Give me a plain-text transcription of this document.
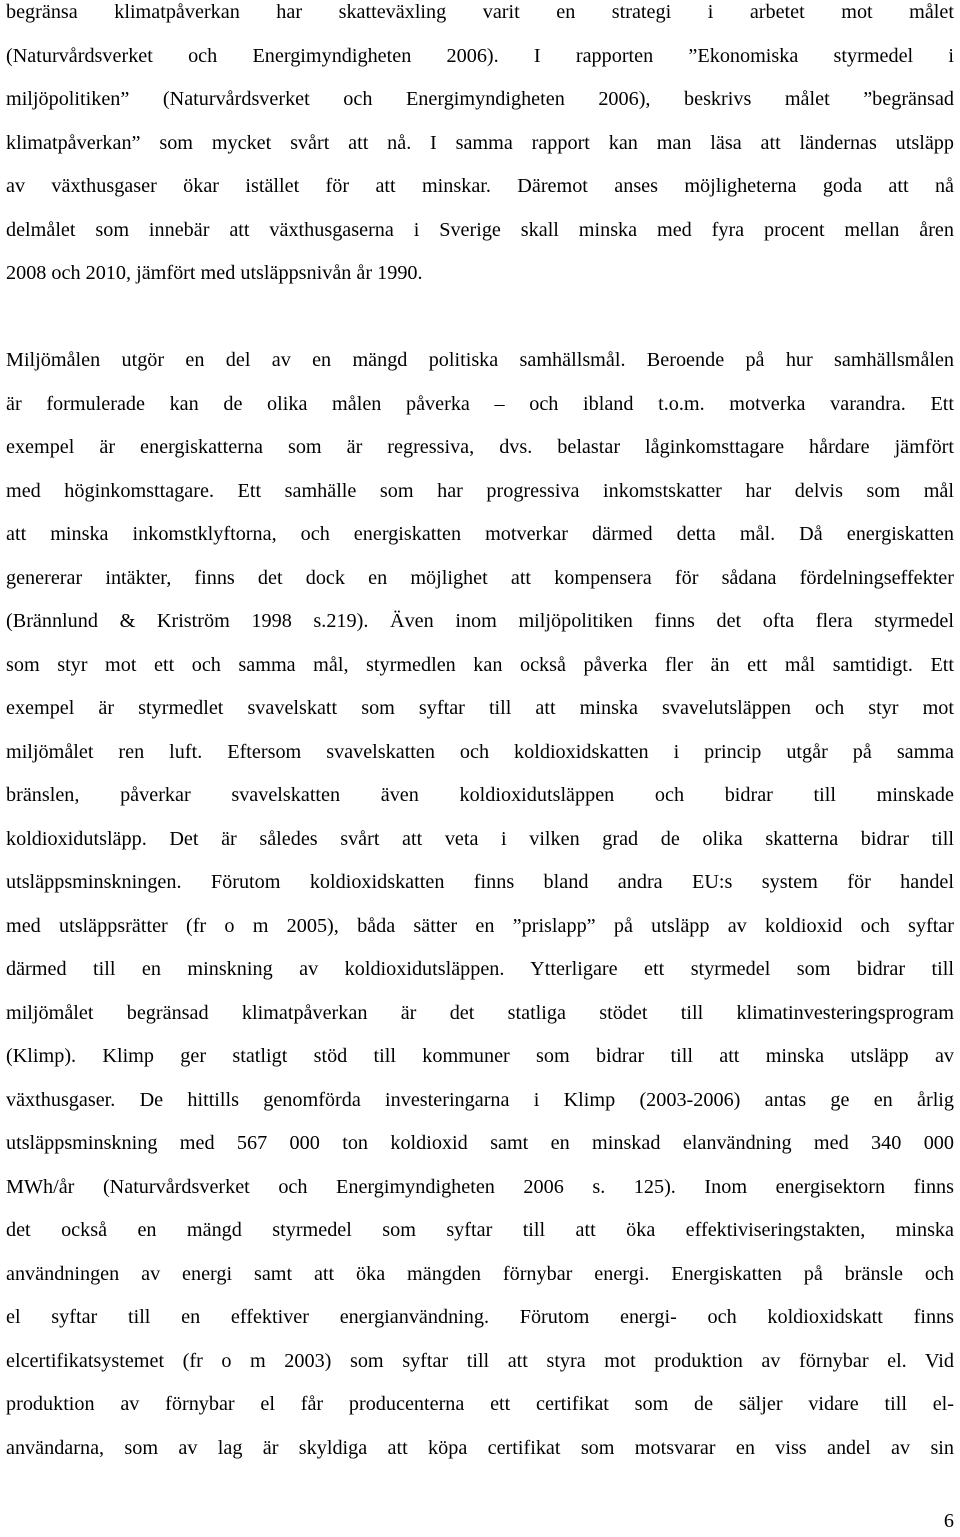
begränsa klimatpåverkan har skatteväxling varit en strategi i arbetet mot målet
(Naturvårdsverket och Energimyndigheten 2006). I rapporten ”Ekonomiska styrmedel i
miljöpolitiken” (Naturvårdsverket och Energimyndigheten 2006), beskrivs målet ”begränsad
klimatpåverkan” som mycket svårt att nå. I samma rapport kan man läsa att ländernas utsläpp
av växthusgaser ökar istället för att minskar. Däremot anses möjligheterna goda att nå
delmålet som innebär att växthusgaserna i Sverige skall minska med fyra procent mellan åren
2008 och 2010, jämfört med utsläppsnivån år 1990.
Miljömålen utgör en del av en mängd politiska samhällsmål. Beroende på hur samhällsmålen
är formulerade kan de olika målen påverka – och ibland t.o.m. motverka varandra. Ett
exempel är energiskatterna som är regressiva, dvs. belastar låginkomsttagare hårdare jämfört
med höginkomsttagare. Ett samhälle som har progressiva inkomstskatter har delvis som mål
att minska inkomstklyftorna, och energiskatten motverkar därmed detta mål. Då energiskatten
genererar intäkter, finns det dock en möjlighet att kompensera för sådana fördelningseffekter
(Brännlund & Kriström 1998 s.219). Även inom miljöpolitiken finns det ofta flera styrmedel
som styr mot ett och samma mål, styrmedlen kan också påverka fler än ett mål samtidigt. Ett
exempel är styrmedlet svavelskatt som syftar till att minska svavelutsläppen och styr mot
miljömålet ren luft. Eftersom svavelskatten och koldioxidskatten i princip utgår på samma
bränslen, påverkar svavelskatten även koldioxidutsläppen och bidrar till minskade
koldioxidutsläpp. Det är således svårt att veta i vilken grad de olika skatterna bidrar till
utsläppsminskningen. Förutom koldioxidskatten finns bland andra EU:s system för handel
med utsläppsrätter (fr o m 2005), båda sätter en ”prislapp” på utsläpp av koldioxid och syftar
därmed till en minskning av koldioxidutsläppen. Ytterligare ett styrmedel som bidrar till
miljömålet begränsad klimatpåverkan är det statliga stödet till klimatinvesteringsprogram
(Klimp). Klimp ger statligt stöd till kommuner som bidrar till att minska utsläpp av
växthusgaser. De hittills genomförda investeringarna i Klimp (2003-2006) antas ge en årlig
utsläppsminskning med 567 000 ton koldioxid samt en minskad elanvändning med 340 000
MWh/år (Naturvårdsverket och Energimyndigheten 2006 s. 125). Inom energisektorn finns
det också en mängd styrmedel som syftar till att öka effektiviseringstakten, minska
användningen av energi samt att öka mängden förnybar energi. Energiskatten på bränsle och
el syftar till en effektiver energianvändning. Förutom energi- och koldioxidskatt finns
elcertifikatsystemet (fr o m 2003) som syftar till att styra mot produktion av förnybar el. Vid
produktion av förnybar el får producenterna ett certifikat som de säljer vidare till el-
användarna, som av lag är skyldiga att köpa certifikat som motsvarar en viss andel av sin
6
